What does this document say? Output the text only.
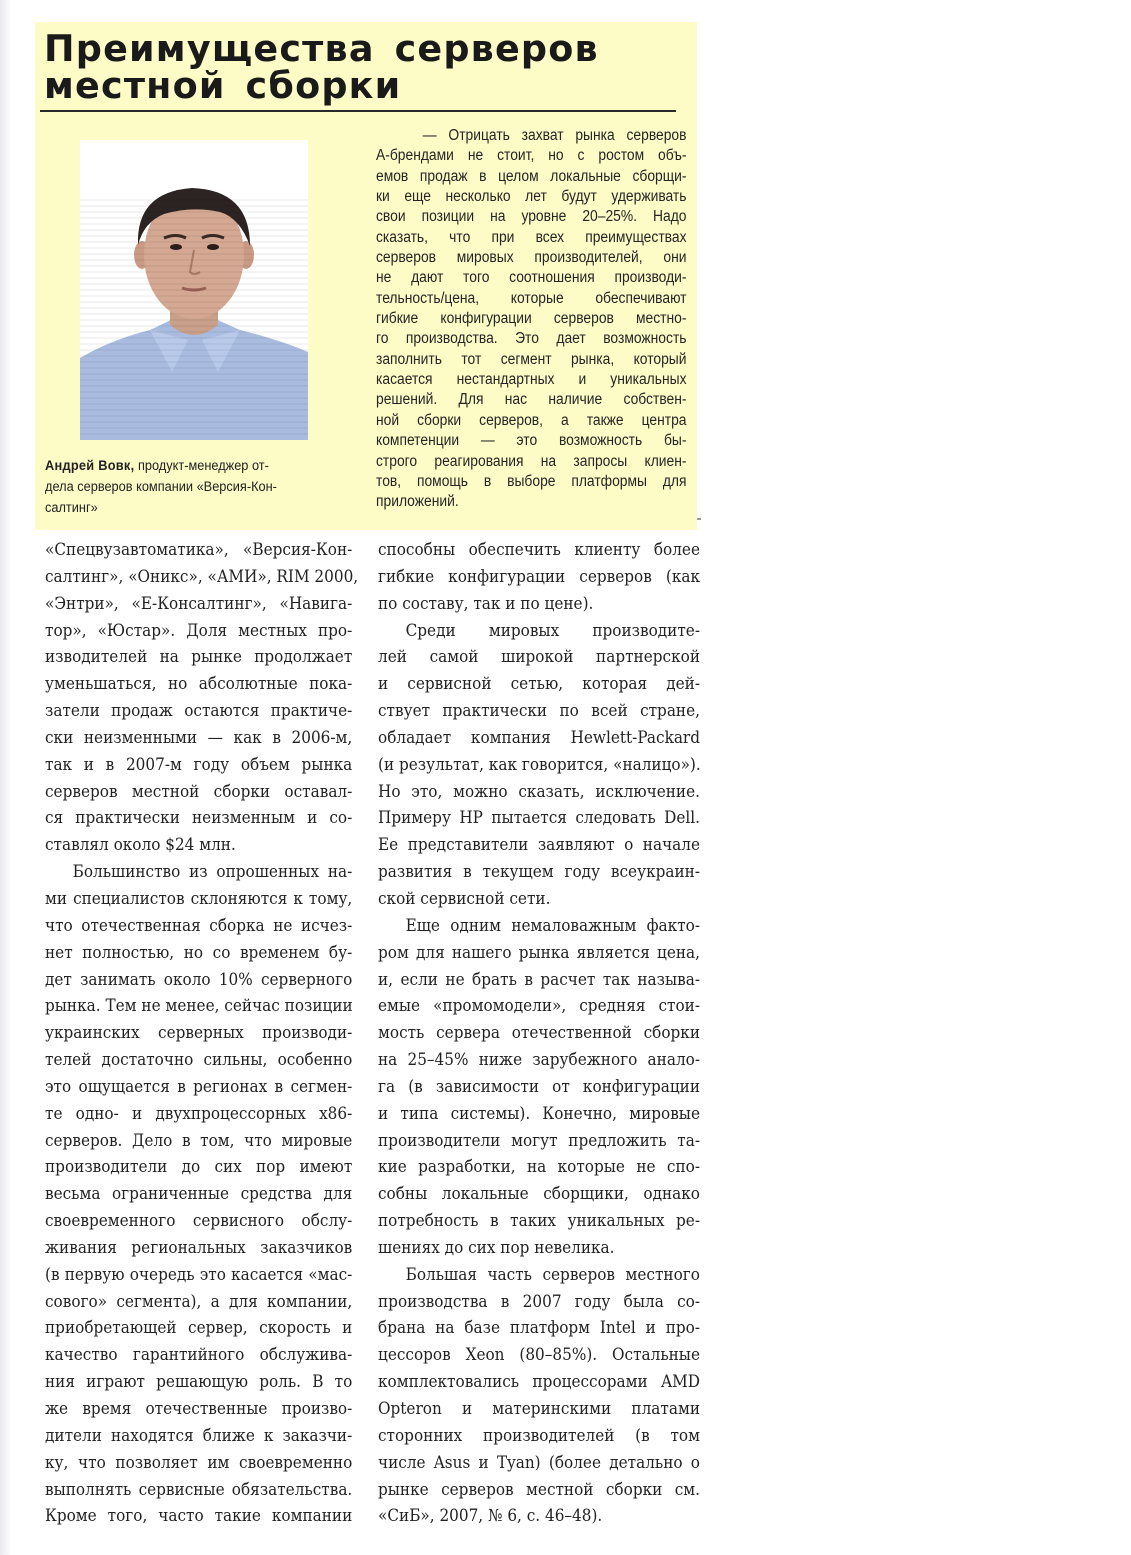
Преимущества серверов
местной сборки

Андрей Вовк, продукт-менеджер от-
дела серверов компании «Версия-Кон-
салтинг»

— Отрицать захват рынка серверов
А-брендами не стоит, но с ростом объ-
емов продаж в целом локальные сборщи-
ки еще несколько лет будут удерживать
свои позиции на уровне 20–25%. Надо
сказать, что при всех преимуществах
серверов мировых производителей, они
не дают того соотношения производи-
тельность/цена, которые обеспечивают
гибкие конфигурации серверов местно-
го производства. Это дает возможность
заполнить тот сегмент рынка, который
касается нестандартных и уникальных
решений. Для нас наличие собствен-
ной сборки серверов, а также центра
компетенции — это возможность бы-
строго реагирования на запросы клиен-
тов, помощь в выборе платформы для
приложений.
«Спецвузавтоматика», «Версия-Кон-
салтинг», «Оникс», «АМИ», RIM 2000,
«Энтри», «Е-Консалтинг», «Навига-
тор», «Юстар». Доля местных про-
изводителей на рынке продолжает
уменьшаться, но абсолютные пока-
затели продаж остаются практиче-
ски неизменными — как в 2006-м,
так и в 2007-м году объем рынка
серверов местной сборки оставал-
ся практически неизменным и со-
ставлял около $24 млн.
Большинство из опрошенных на-
ми специалистов склоняются к тому,
что отечественная сборка не исчез-
нет полностью, но со временем бу-
дет занимать около 10% серверного
рынка. Тем не менее, сейчас позиции
украинских серверных производи-
телей достаточно сильны, особенно
это ощущается в регионах в сегмен-
те одно- и двухпроцессорных x86-
серверов. Дело в том, что мировые
производители до сих пор имеют
весьма ограниченные средства для
своевременного сервисного обслу-
живания региональных заказчиков
(в первую очередь это касается «мас-
сового» сегмента), а для компании,
приобретающей сервер, скорость и
качество гарантийного обслужива-
ния играют решающую роль. В то
же время отечественные произво-
дители находятся ближе к заказчи-
ку, что позволяет им своевременно
выполнять сервисные обязательства.
Кроме того, часто такие компании
способны обеспечить клиенту более
гибкие конфигурации серверов (как
по составу, так и по цене).
Среди мировых производите-
лей самой широкой партнерской
и сервисной сетью, которая дей-
ствует практически по всей стране,
обладает компания Hewlett-Packard
(и результат, как говорится, «налицо»).
Но это, можно сказать, исключение.
Примеру HP пытается следовать Dell.
Ее представители заявляют о начале
развития в текущем году всеукраин-
ской сервисной сети.
Еще одним немаловажным факто-
ром для нашего рынка является цена,
и, если не брать в расчет так называ-
емые «промомодели», средняя стои-
мость сервера отечественной сборки
на 25–45% ниже зарубежного анало-
га (в зависимости от конфигурации
и типа системы). Конечно, мировые
производители могут предложить та-
кие разработки, на которые не спо-
собны локальные сборщики, однако
потребность в таких уникальных ре-
шениях до сих пор невелика.
Большая часть серверов местного
производства в 2007 году была со-
брана на базе платформ Intel и про-
цессоров Xeon (80–85%). Остальные
комплектовались процессорами AMD
Opteron и материнскими платами
сторонних производителей (в том
числе Asus и Tyan) (более детально о
рынке серверов местной сборки см.
«СиБ», 2007, № 6, с. 46–48).
